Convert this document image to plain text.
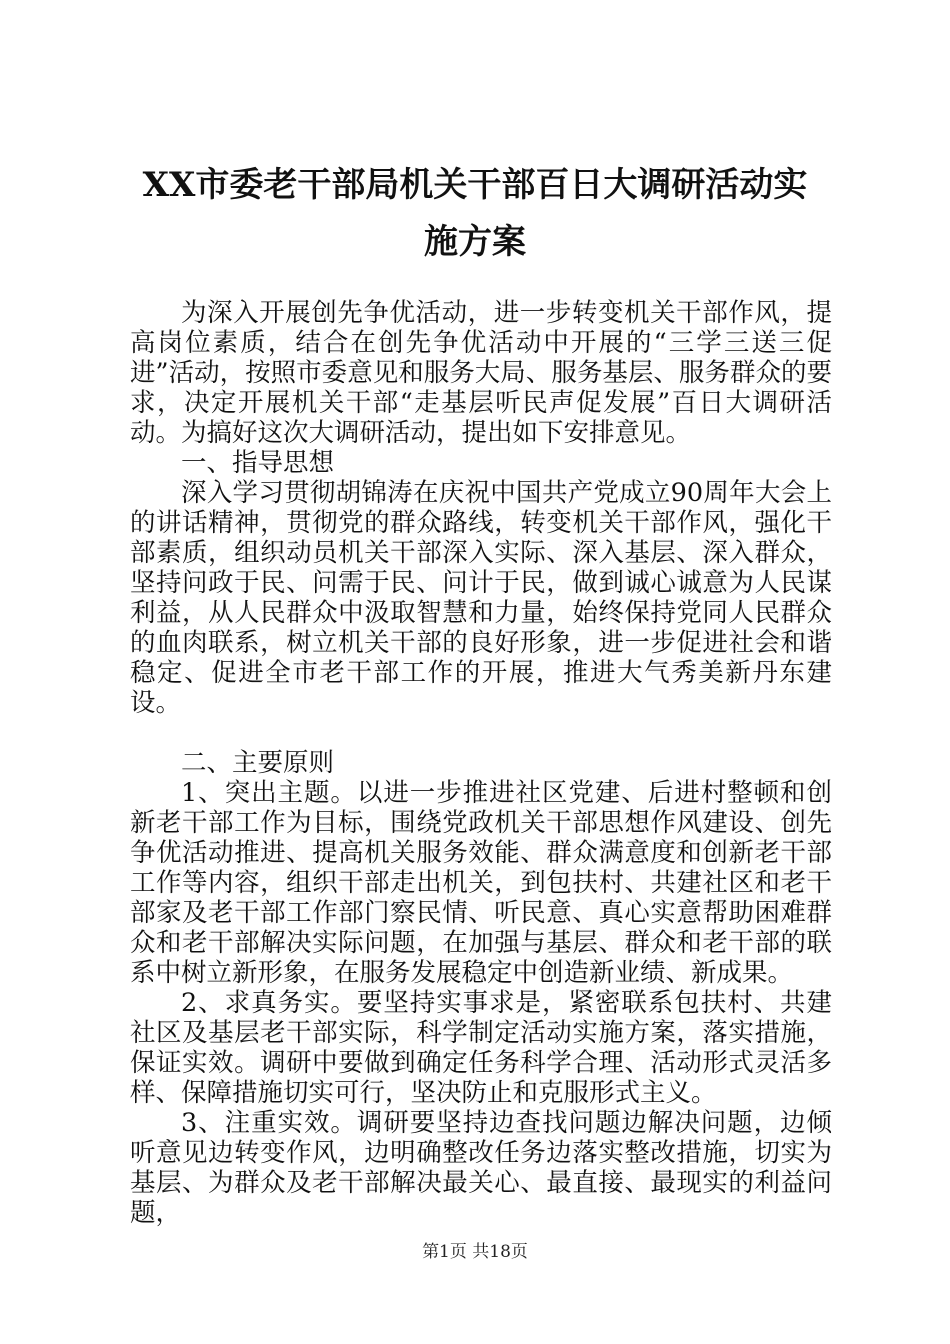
XX市委老干部局机关干部百日大调研活动实
施方案

为深入开展创先争优活动，进一步转变机关干部作风，提高岗位素质，结合在创先争优活动中开展的“三学三送三促进”活动，按照市委意见和服务大局、服务基层、服务群众的要求，决定开展机关干部“走基层听民声促发展”百日大调研活动。为搞好这次大调研活动，提出如下安排意见。

一、指导思想

深入学习贯彻胡锦涛在庆祝中国共产党成立90周年大会上的讲话精神，贯彻党的群众路线，转变机关干部作风，强化干部素质，组织动员机关干部深入实际、深入基层、深入群众，坚持问政于民、问需于民、问计于民，做到诚心诚意为人民谋利益，从人民群众中汲取智慧和力量，始终保持党同人民群众的血肉联系，树立机关干部的良好形象，进一步促进社会和谐稳定、促进全市老干部工作的开展，推进大气秀美新丹东建设。

二、主要原则

1、突出主题。以进一步推进社区党建、后进村整顿和创新老干部工作为目标，围绕党政机关干部思想作风建设、创先争优活动推进、提高机关服务效能、群众满意度和创新老干部工作等内容，组织干部走出机关，到包扶村、共建社区和老干部家及老干部工作部门察民情、听民意、真心实意帮助困难群众和老干部解决实际问题，在加强与基层、群众和老干部的联系中树立新形象，在服务发展稳定中创造新业绩、新成果。

2、求真务实。要坚持实事求是，紧密联系包扶村、共建社区及基层老干部实际，科学制定活动实施方案，落实措施，保证实效。调研中要做到确定任务科学合理、活动形式灵活多样、保障措施切实可行，坚决防止和克服形式主义。

3、注重实效。调研要坚持边查找问题边解决问题，边倾听意见边转变作风，边明确整改任务边落实整改措施，切实为基层、为群众及老干部解决最关心、最直接、最现实的利益问题，

第1页 共18页
